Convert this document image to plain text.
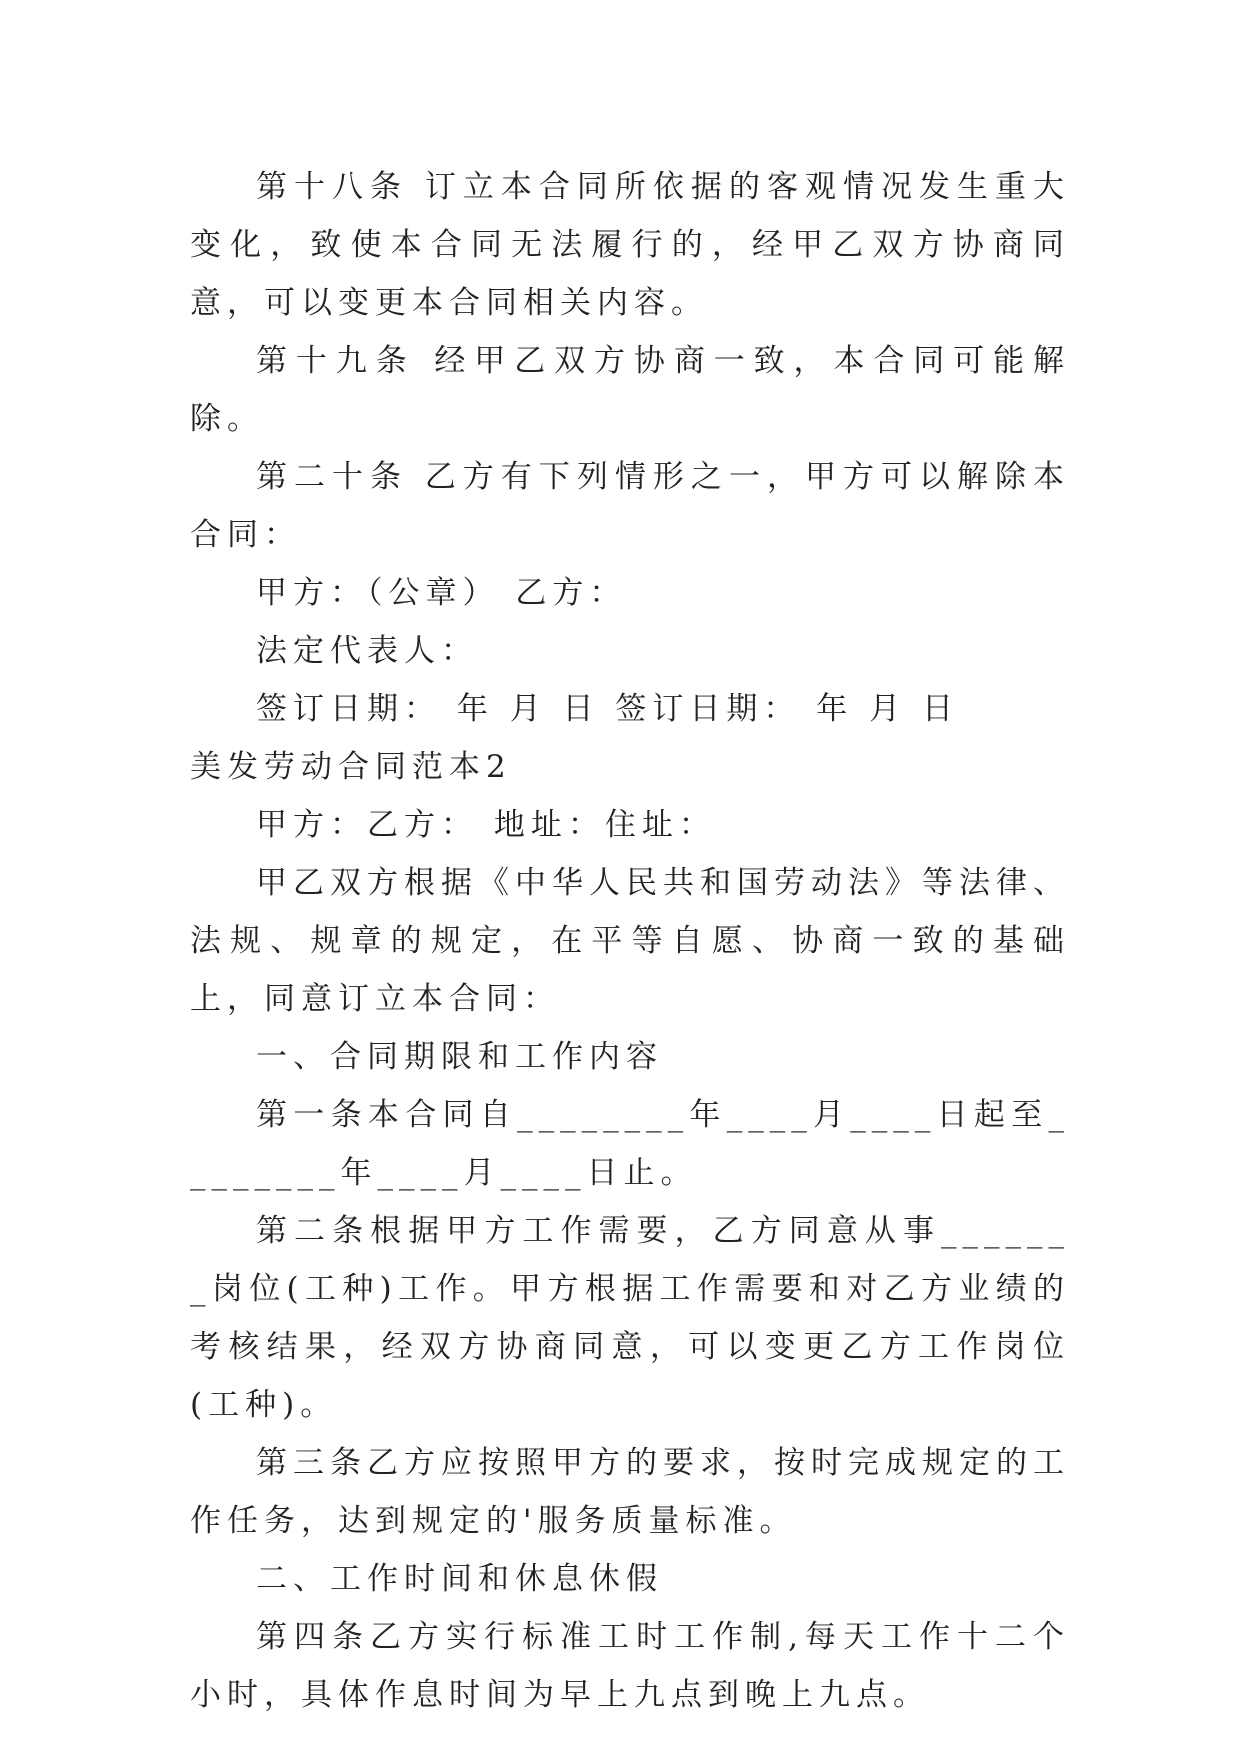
第十八条 订立本合同所依据的客观情况发生重大变化，致使本合同无法履行的，经甲乙双方协商同意，可以变更本合同相关内容。

第十九条 经甲乙双方协商一致，本合同可能解除。

第二十条 乙方有下列情形之一，甲方可以解除本合同：

甲方：（公章） 乙方：

法定代表人：

签订日期： 年 月 日 签订日期： 年 月 日

美发劳动合同范本2

甲方：乙方： 地址：住址：

甲乙双方根据《中华人民共和国劳动法》等法律、法规、规章的规定，在平等自愿、协商一致的基础上，同意订立本合同：

一、合同期限和工作内容

第一条本合同自________年____月____日起至________年____月____日止。

第二条根据甲方工作需要，乙方同意从事_______岗位(工种)工作。甲方根据工作需要和对乙方业绩的考核结果，经双方协商同意，可以变更乙方工作岗位(工种)。

第三条乙方应按照甲方的要求，按时完成规定的工作任务，达到规定的'服务质量标准。

二、工作时间和休息休假

第四条乙方实行标准工时工作制,每天工作十二个小时，具体作息时间为早上九点到晚上九点。
